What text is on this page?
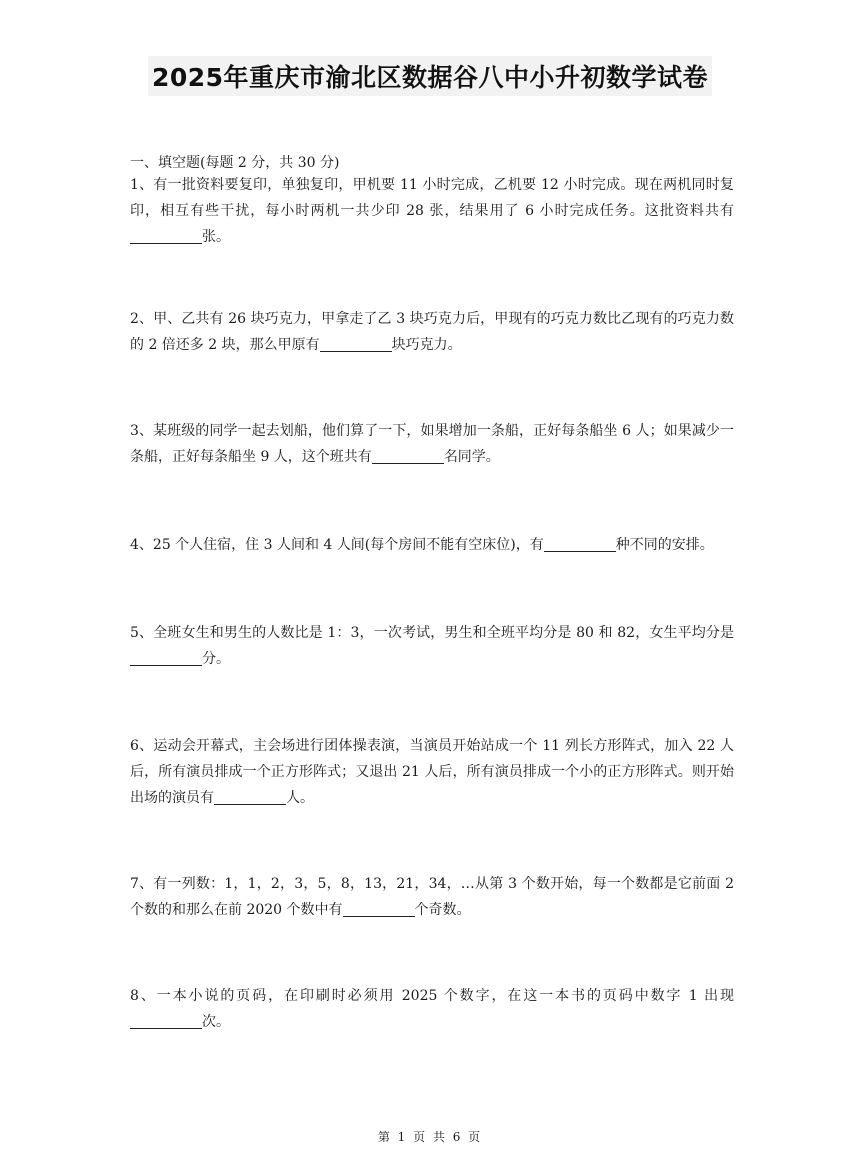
2025年重庆市渝北区数据谷八中小升初数学试卷
一、填空题(每题 2 分，共 30 分)
1、有一批资料要复印，单独复印，甲机要 11 小时完成，乙机要 12 小时完成。现在两机同时复印，相互有些干扰，每小时两机一共少印 28 张，结果用了 6 小时完成任务。这批资料共有张。
2、甲、乙共有 26 块巧克力，甲拿走了乙 3 块巧克力后，甲现有的巧克力数比乙现有的巧克力数的 2 倍还多 2 块，那么甲原有	块巧克力。
3、某班级的同学一起去划船，他们算了一下，如果增加一条船，正好每条船坐 6 人；如果减少一条船，正好每条船坐 9 人，这个班共有	名同学。
4、25 个人住宿，住 3 人间和 4 人间(每个房间不能有空床位)，有	种不同的安排。
5、全班女生和男生的人数比是 1：3，一次考试，男生和全班平均分是 80 和 82，女生平均分是分。
6、运动会开幕式，主会场进行团体操表演，当演员开始站成一个 11 列长方形阵式，加入 22 人后，所有演员排成一个正方形阵式；又退出 21 人后，所有演员排成一个小的正方形阵式。则开始出场的演员有	人。
7、有一列数：1，1，2，3，5，8，13，21，34，…从第 3 个数开始，每一个数都是它前面 2 个数的和那么在前 2020 个数中有	个奇数。
8、一本小说的页码，在印刷时必须用 2025 个数字，在这一本书的页码中数字 1 出现次。
第 1 页 共 6 页
